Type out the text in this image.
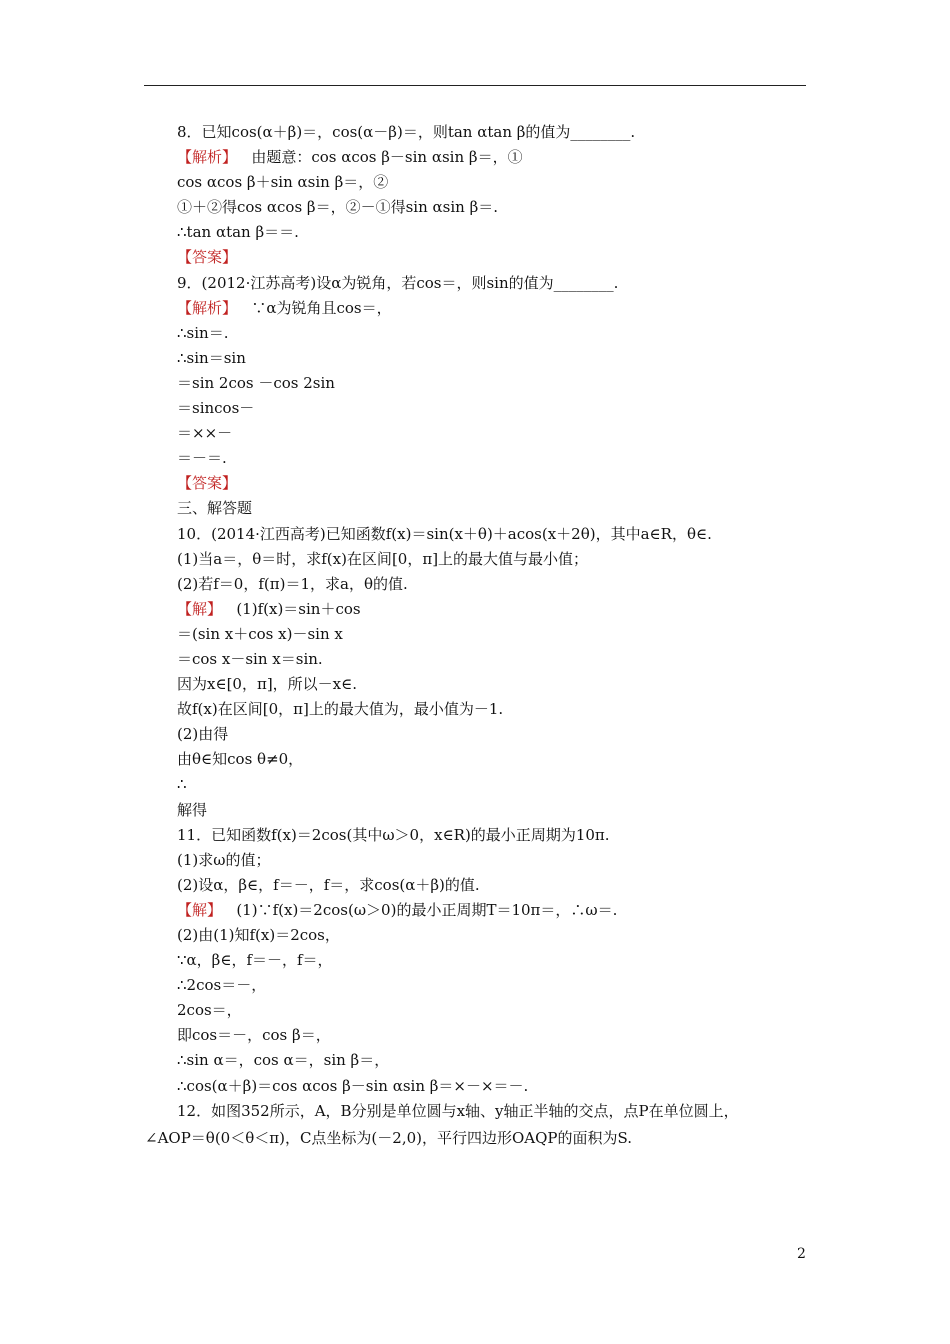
8．已知cos(α＋β)＝，cos(α－β)＝，则tan αtan β的值为________.
【解析】 由题意：cos αcos β－sin αsin β＝，①
cos αcos β＋sin αsin β＝，②
①＋②得cos αcos β＝，②－①得sin αsin β＝.
∴tan αtan β＝＝.
【答案】
9．(2012·江苏高考)设α为锐角，若cos＝，则sin的值为________.
【解析】 ∵α为锐角且cos＝，
∴sin＝.
∴sin＝sin
＝sin 2cos －cos 2sin
＝sincos－
＝××－
＝－＝.
【答案】
三、解答题
10．(2014·江西高考)已知函数f(x)＝sin(x＋θ)＋acos(x＋2θ)，其中a∈R，θ∈.
(1)当a＝，θ＝时，求f(x)在区间[0，π]上的最大值与最小值；
(2)若f＝0，f(π)＝1，求a，θ的值.
【解】 (1)f(x)＝sin＋cos
＝(sin x＋cos x)－sin x
＝cos x－sin x＝sin.
因为x∈[0，π]，所以－x∈.
故f(x)在区间[0，π]上的最大值为，最小值为－1.
(2)由得
由θ∈知cos θ≠0，
∴
解得
11．已知函数f(x)＝2cos(其中ω＞0，x∈R)的最小正周期为10π.
(1)求ω的值；
(2)设α，β∈，f＝－，f＝，求cos(α＋β)的值.
【解】 (1)∵f(x)＝2cos(ω＞0)的最小正周期T＝10π＝，∴ω＝.
(2)由(1)知f(x)＝2cos，
∵α，β∈，f＝－，f＝，
∴2cos＝－，
2cos＝，
即cos＝－，cos β＝，
∴sin α＝，cos α＝，sin β＝，
∴cos(α＋β)＝cos αcos β－sin αsin β＝×－×＝－.
12．如图352所示，A，B分别是单位圆与x轴、y轴正半轴的交点，点P在单位圆上，
∠AOP＝θ(0＜θ＜π)，C点坐标为(－2,0)，平行四边形OAQP的面积为S.
2
